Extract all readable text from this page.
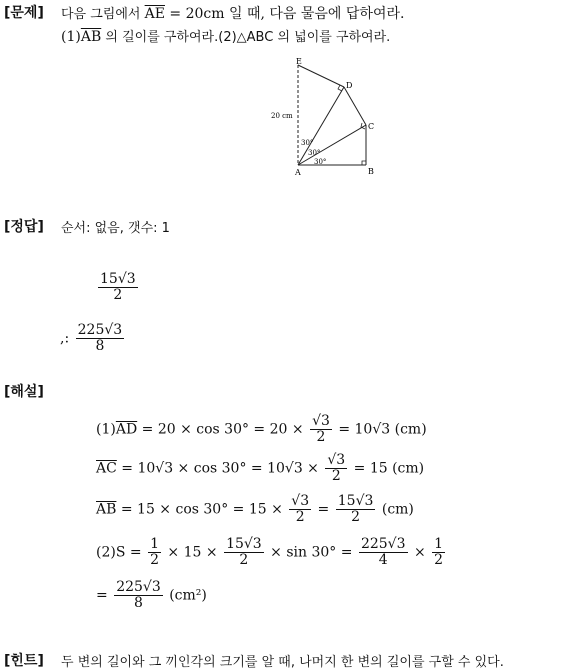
[문제] 다음 그림에서 $\overline{AE} = 20cm$ 일 때, 다음 물음에 답하여라.
$(1)\overline{AB}$ 의 길이를 구하여라.(2)△ABC 의 넓이를 구하여라.
E
D
C
A	B
20 cm
30°
30°
30°
[정답] 순서: 없음, 갯수: 1
$\frac{15√3}{2}$
,: $\frac{225√3}{8}$
[해설]
$(1)\overline{AD} = 20 \times \cos 30^\circ = 20 \times \frac{√3}{2} = 10√3$ (cm)
$\overline{AC} = 10√3 \times \cos 30^\circ = 10√3 \times \frac{√3}{2} = 15$ (cm)
$\overline{AB} = 15 \times \cos 30^\circ = 15 \times \frac{√3}{2} = \frac{15√3}{2} (cm)$
$(2)S = \frac{1}{2} \times 15 \times \frac{15√3}{2} \times \sin 30^\circ = \frac{225√3}{4} \times \frac{1}{2}$
= $\frac{225√3}{8} (cm^2)$
[힌트] 두 변의 길이와 그 끼인각의 크기를 알 때, 나머지 한 변의 길이를 구할 수 있다.
